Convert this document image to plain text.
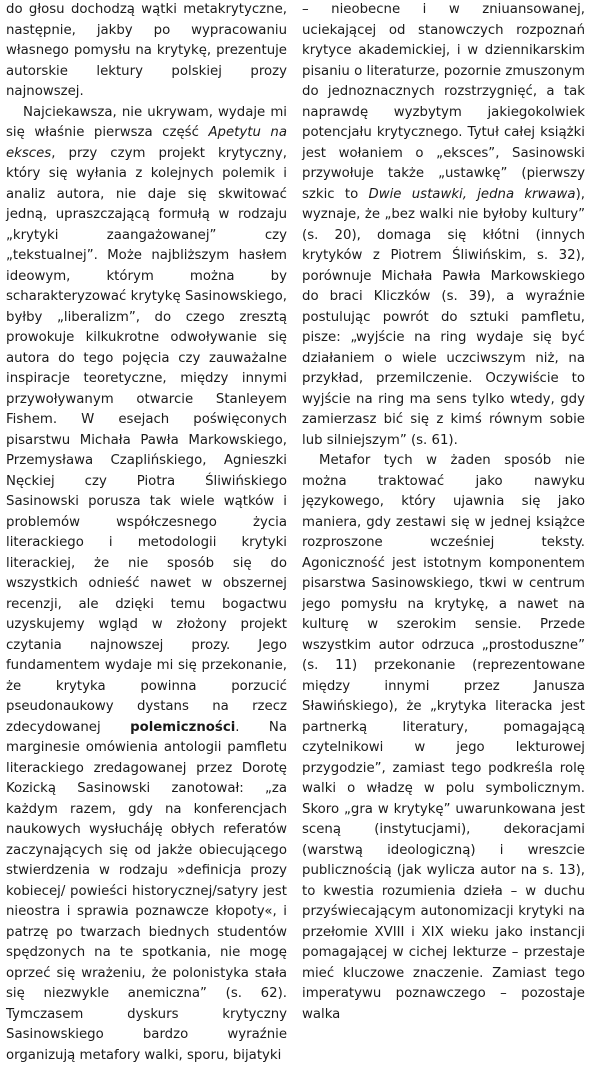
do głosu dochodzą wątki metakrytyczne, następnie, jakby po wypracowaniu własnego pomysłu na krytykę, prezentuje autorskie lektury polskiej prozy najnowszej.

Najciekawsza, nie ukrywam, wydaje mi się właśnie pierwsza część Apetytu na eksces, przy czym projekt krytyczny, który się wyłania z kolejnych polemik i analiz autora, nie daje się skwitować jedną, upraszczającą formułą w rodzaju „krytyki zaangażowanej” czy „tekstualnej”. Może najbliższym hasłem ideowym, którym można by scharakteryzować krytykę Sasinowskiego, byłby „liberalizm”, do czego zresztą prowokuje kilkukrotne odwoływanie się autora do tego pojęcia czy zauważalne inspiracje teoretyczne, między innymi przywoływanym otwarcie Stanleyem Fishem. W esejach poświęconych pisarstwu Michała Pawła Markowskiego, Przemysława Czaplińskiego, Agnieszki Nęckiej czy Piotra Śliwińskiego Sasinowski porusza tak wiele wątków i problemów współczesnego życia literackiego i metodologii krytyki literackiej, że nie sposób się do wszystkich odnieść nawet w obszernej recenzji, ale dzięki temu bogactwu uzyskujemy wgląd w złożony projekt czytania najnowszej prozy. Jego fundamentem wydaje mi się przekonanie, że krytyka powinna porzucić pseudonaukowy dystans na rzecz zdecydowanej polemiczności. Na marginesie omówienia antologii pamfletu literackiego zredagowanej przez Dorotę Kozicką Sasinowski zanotował: „za każdym razem, gdy na konferencjach naukowych wysłucháję obłych referatów zaczynających się od jakże obiecującego stwierdzenia w rodzaju »definicja prozy kobiecej/ powieści historycznej/satyry jest nieostra i sprawia poznawcze kłopoty«, i patrzę po twarzach biednych studentów spędzonych na te spotkania, nie mogę oprzeć się wrażeniu, że polonistyka stała się niezwykle anemiczna” (s. 62). Tymczasem dyskurs krytyczny Sasinowskiego bardzo wyraźnie organizują metafory walki, sporu, bijatyki

– nieobecne i w zniuansowanej, uciekającej od stanowczych rozpoznań krytyce akademickiej, i w dziennikarskim pisaniu o literaturze, pozornie zmuszonym do jednoznacznych rozstrzygnięć, a tak naprawdę wyzbytym jakiegokolwiek potencjału krytycznego. Tytuł całej książki jest wołaniem o „eksces”, Sasinowski przywołuje także „ustawkę” (pierwszy szkic to Dwie ustawki, jedna krwawa), wyznaje, że „bez walki nie byłoby kultury” (s. 20), domaga się kłótni (innych krytyków z Piotrem Śliwińskim, s. 32), porównuje Michała Pawła Markowskiego do braci Kliczków (s. 39), a wyraźnie postulując powrót do sztuki pamfletu, pisze: „wyjście na ring wydaje się być działaniem o wiele uczciwszym niż, na przykład, przemilczenie. Oczywiście to wyjście na ring ma sens tylko wtedy, gdy zamierzasz bić się z kimś równym sobie lub silniejszym” (s. 61).

Metafor tych w żaden sposób nie można traktować jako nawyku językowego, który ujawnia się jako maniera, gdy zestawi się w jednej książce rozproszone wcześniej teksty. Agoniczność jest istotnym komponentem pisarstwa Sasinowskiego, tkwi w centrum jego pomysłu na krytykę, a nawet na kulturę w szerokim sensie. Przede wszystkim autor odrzuca „prostoduszne” (s. 11) przekonanie (reprezentowane między innymi przez Janusza Sławińskiego), że „krytyka literacka jest partnerką literatury, pomagającą czytelnikowi w jego lekturowej przygodzie”, zamiast tego podkreśla rolę walki o władzę w polu symbolicznym. Skoro „gra w krytykę” uwarunkowana jest sceną (instytucjami), dekoracjami (warstwą ideologiczną) i wreszcie publicznością (jak wylicza autor na s. 13), to kwestia rozumienia dzieła – w duchu przyświecającym autonomizacji krytyki na przełomie XVIII i XIX wieku jako instancji pomagającej w cichej lekturze – przestaje mieć kluczowe znaczenie. Zamiast tego imperatywu poznawczego – pozostaje walka
